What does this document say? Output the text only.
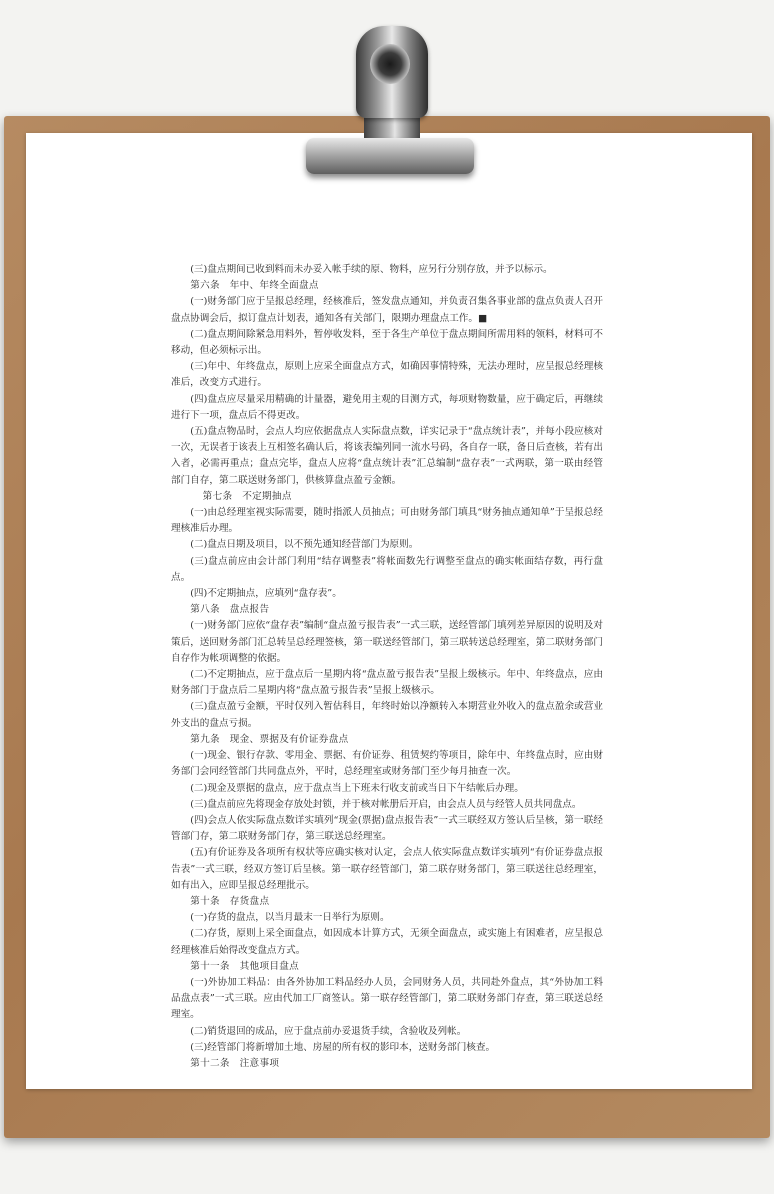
(三)盘点期间已收到料而未办妥入帐手续的原、物料，应另行分别存放，并予以标示。

第六条　年中、年终全面盘点

(一)财务部门应于呈报总经理，经核准后，签发盘点通知，并负责召集各事业部的盘点负责人召开盘点协调会后，拟订盘点计划表，通知各有关部门，限期办理盘点工作。■

(二)盘点期间除紧急用料外，暂停收发料，至于各生产单位于盘点期间所需用料的领料，材料可不移动，但必须标示出。

(三)年中、年终盘点，原则上应采全面盘点方式，如确因事情特殊，无法办理时，应呈报总经理核准后，改变方式进行。

(四)盘点应尽量采用精确的计量器，避免用主观的目测方式，每项财物数量，应于确定后，再继续进行下一项，盘点后不得更改。

(五)盘点物品时，会点人均应依据盘点人实际盘点数，详实记录于“盘点统计表”，并每小段应核对一次，无误者于该表上互相签名确认后，将该表编列同一流水号码，各自存一联，备日后查核，若有出入者，必需再重点；盘点完毕，盘点人应将“盘点统计表”汇总编制“盘存表”一式两联，第一联由经管部门自存，第二联送财务部门，供核算盘点盈亏金额。

第七条　不定期抽点

(一)由总经理室视实际需要，随时指派人员抽点；可由财务部门填具“财务抽点通知单”于呈报总经理核准后办理。

(二)盘点日期及项目，以不预先通知经营部门为原则。

(三)盘点前应由会计部门利用“结存调整表”将帐面数先行调整至盘点的确实帐面结存数，再行盘点。

(四)不定期抽点，应填列“盘存表”。

第八条　盘点报告

(一)财务部门应依“盘存表”编制“盘点盈亏报告表”一式三联，送经管部门填列差异原因的说明及对策后，送回财务部门汇总转呈总经理签核，第一联送经管部门，第三联转送总经理室，第二联财务部门自存作为帐项调整的依据。

(二)不定期抽点，应于盘点后一星期内将“盘点盈亏报告表”呈报上级核示。年中、年终盘点，应由财务部门于盘点后二星期内将“盘点盈亏报告表”呈报上级核示。

(三)盘点盈亏金额，平时仅列入暂估科目，年终时始以净额转入本期营业外收入的盘点盈余或营业外支出的盘点亏损。

第九条　现金、票据及有价证券盘点

(一)现金、银行存款、零用金、票据、有价证券、租赁契约等项目，除年中、年终盘点时，应由财务部门会同经管部门共同盘点外，平时，总经理室或财务部门至少每月抽查一次。

(二)现金及票据的盘点，应于盘点当上下班未行收支前或当日下午结帐后办理。

(三)盘点前应先将现金存放处封锁，并于核对帐册后开启，由会点人员与经管人员共同盘点。

(四)会点人依实际盘点数详实填列“现金(票据)盘点报告表”一式三联经双方签认后呈核，第一联经管部门存，第二联财务部门存，第三联送总经理室。

(五)有价证券及各项所有权状等应确实核对认定，会点人依实际盘点数详实填列“有价证券盘点报告表”一式三联，经双方签订后呈核。第一联存经管部门，第二联存财务部门，第三联送往总经理室，如有出入，应即呈报总经理批示。

第十条　存货盘点

(一)存货的盘点，以当月最末一日举行为原则。

(二)存货，原则上采全面盘点，如因成本计算方式，无须全面盘点，或实施上有困难者，应呈报总经理核准后始得改变盘点方式。

第十一条　其他项目盘点

(一)外协加工料品：由各外协加工料品经办人员，会同财务人员，共同赴外盘点，其“外协加工料品盘点表”一式三联。应由代加工厂商签认。第一联存经管部门，第二联财务部门存查，第三联送总经理室。

(二)销货退回的成品，应于盘点前办妥退货手续，含验收及列帐。

(三)经管部门将新增加土地、房屋的所有权的影印本，送财务部门核查。

第十二条　注意事项
